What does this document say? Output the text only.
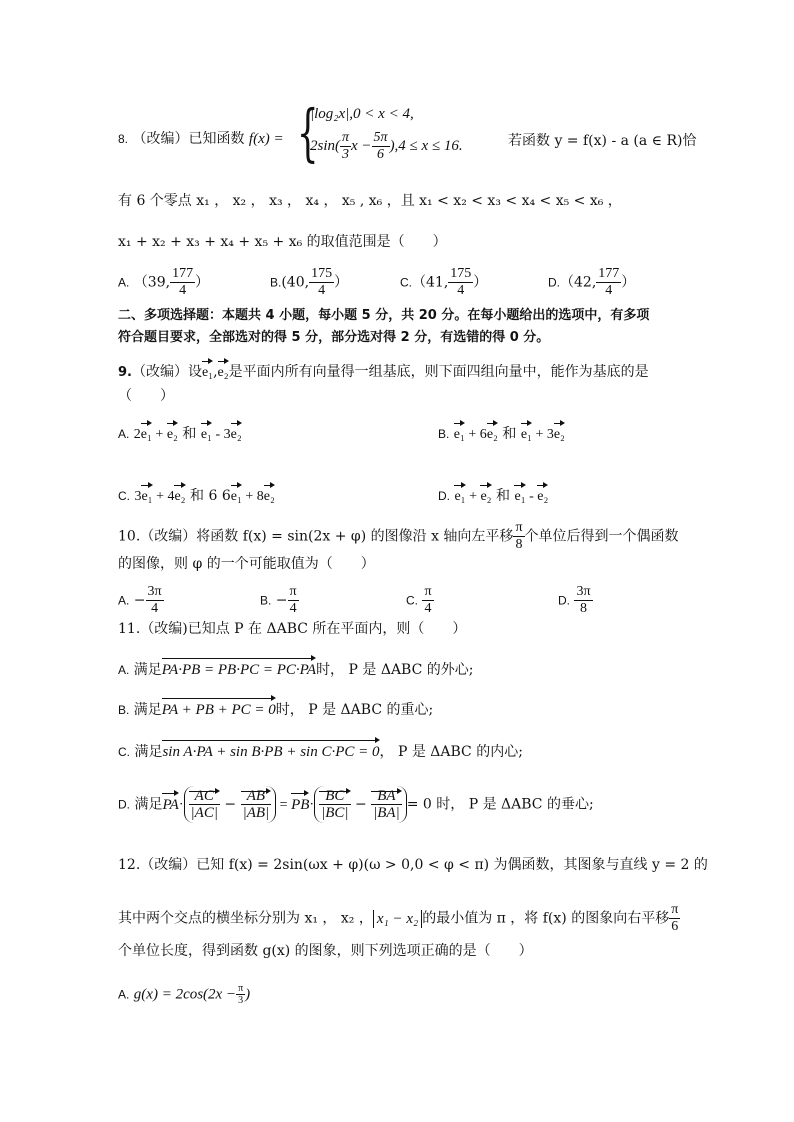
8. （改编）已知函数 f(x) = {
|log₂x|,0 < x < 4,
$2\sin( \frac{\pi}{3}$ $x - \frac{5\pi}{6} ),4 \le x \le 16$.	若函数 y = f(x) - a (a ∈ R)恰
有 6 个零点 x₁ ， x₂ ， x₃ ， x₄ ， x₅ , x₆ ，且 x₁ < x₂ < x₃ < x₄ < x₅ < x₆ ，
x₁ + x₂ + x₃ + x₄ + x₅ + x₆ 的取值范围是（　　）
A. （39, $\frac{177}{4}$ ）	B.(40, $\frac{175}{4}$ ）	C.（41, $\frac{175}{4}$ ）	D.（42, $\frac{177}{4}$ ）
二、多项选择题：本题共 4 小题，每小题 5 分，共 20 分。在每小题给出的选项中，有多项
符合题目要求，全部选对的得 5 分，部分选对得 2 分，有选错的得 0 分。
9.（改编）设e₁,e₂是平面内所有向量得一组基底，则下面四组向量中，能作为基底的是
（　　）
A. 2e₁ + e₂ 和 e₁ - 3e₂	B. e₁ + 6e₂ 和 e₁ + 3e₂
C. 3e₁ + 4e₂ 和 6 6e₁ + 8e₂	D. e₁ + e₂ 和 e₁ - e₂
10.（改编）将函数 f(x) = sin(2x + φ) 的图像沿 x 轴向左平移 $\frac{\pi}{8}$ 个单位后得到一个偶函数
的图像，则 φ 的一个可能取值为（　　）
A. − $\frac{3\pi}{4}$	B. − $\frac{\pi}{4}$	C. $\frac{\pi}{4}$	D. $\frac{3\pi}{8}$
11.（改编)已知点 P 在 ΔABC 所在平面内，则（　　）
A. 满足PA·PB = PB·PC = PC·PA时， P 是 ΔABC 的外心;
B. 满足PA + PB + PC = 0时， P 是 ΔABC 的重心;
C. 满足sin A·PA + sin B·PB + sin C·PC = 0， P 是 ΔABC 的内心;
D. 满足$PA\cdot \frac{AC}{|AC|} - \frac{AB}{|AB|} = PB\cdot \frac{BC}{|BC|} - \frac{BA}{|BA|} = 0$ 时， P 是 ΔABC 的垂心;
12.（改编）已知 f(x) = 2sin(ωx + φ)(ω > 0,0 < φ < π) 为偶函数，其图象与直线 y = 2 的
其中两个交点的横坐标分别为 x₁ ， x₂ ， x₁ − x₂ 的最小值为 π ，将 f(x) 的图象向右平移 $\frac{\pi}{6}$
个单位长度，得到函数 g(x) 的图象，则下列选项正确的是（　　）
A. $g(x) = 2\cos(2x - \frac{\pi}{3}$ )
